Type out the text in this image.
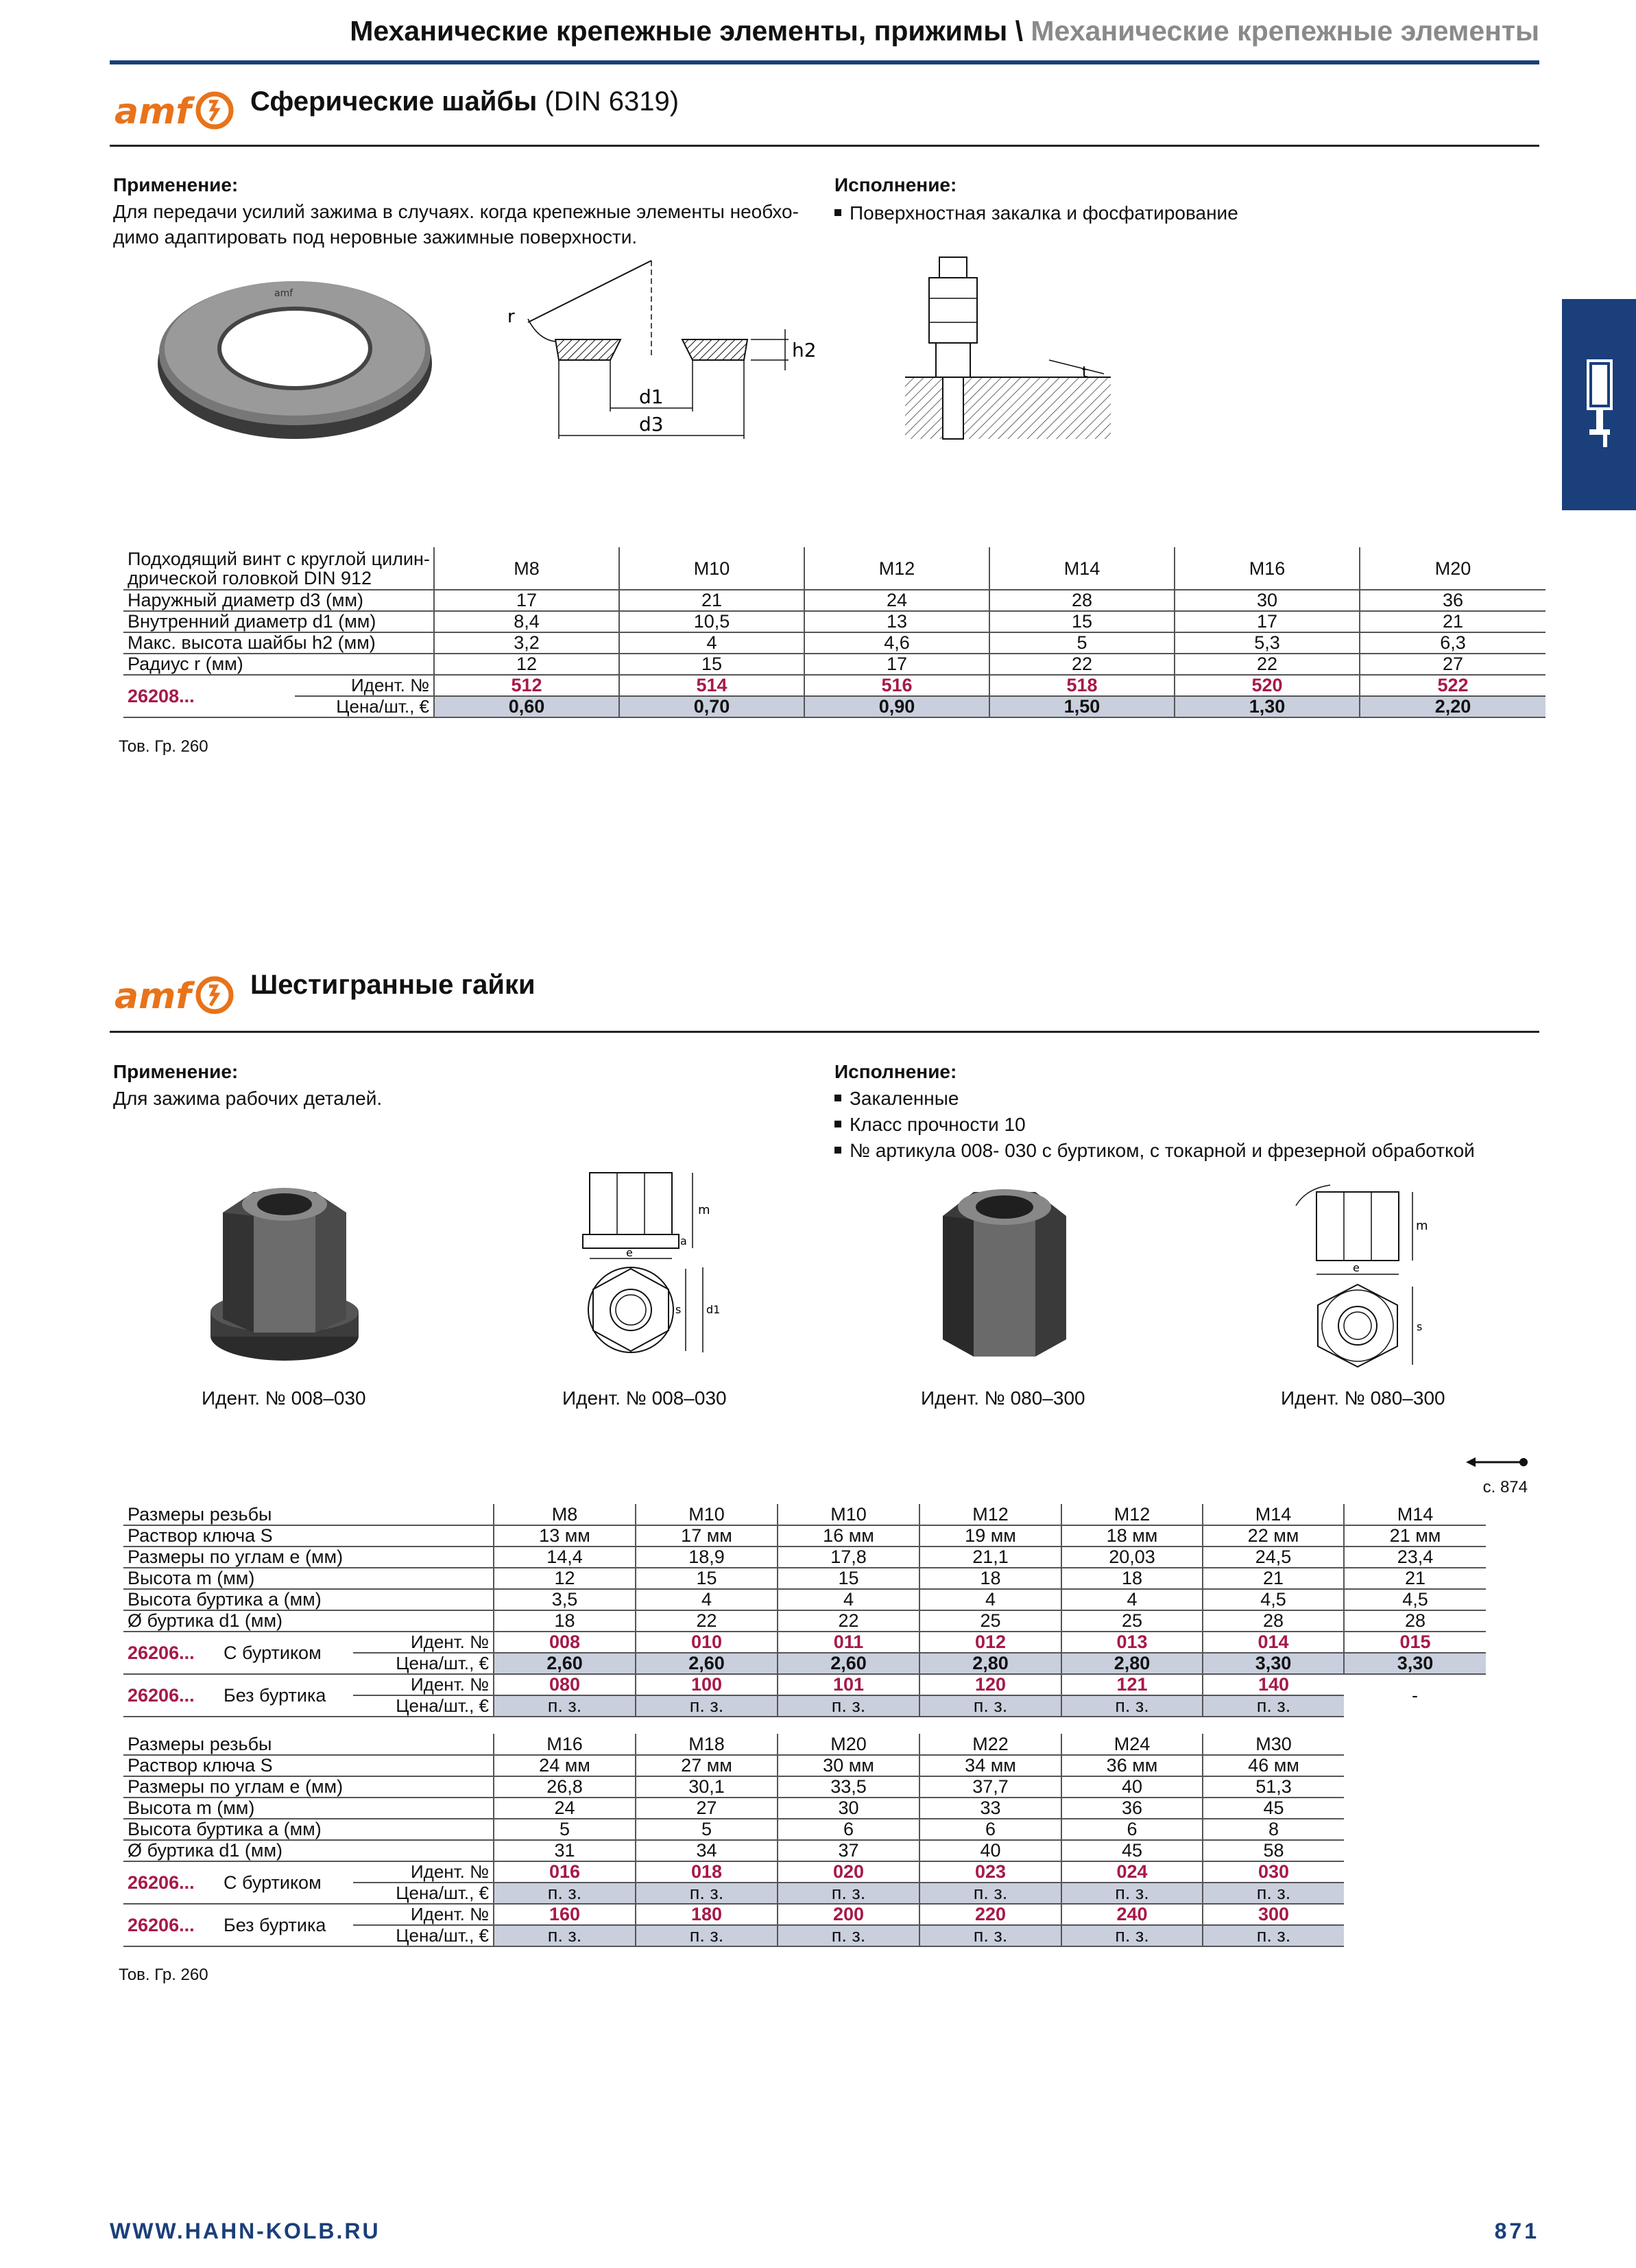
Механические крепежные элементы, прижимы \ Механические крепежные элементы
amf Сферические шайбы (DIN 6319)
Применение:
Для передачи усилий зажима в случаях. когда крепежные элементы необхо-
димо адаптировать под неровные зажимные поверхности.
Исполнение:
Поверхностная закалка и фосфатирование
amf
d1
d3
h2
r
t
Подходящий винт с круглой цилин-
дрической головкой DIN 912		M8	M10	M12	M14	M16	M20
Наружный диаметр d3 (мм)		17	21	24	28	30	36
Внутренний диаметр d1 (мм)		8,4	10,5	13	15	17	21
Макс. высота шайбы h2 (мм)		3,2	4	4,6	5	5,3	6,3
Радиус r (мм)		12	15	17	22	22	27
26208...	Идент. №	512	514	516	518	520	522
	Цена/шт., €	0,60	0,70	0,90	1,50	1,30	2,20
Тов. Гр. 260
amf Шестигранные гайки
Применение:
Для зажима рабочих деталей.
Исполнение:
Закаленные
Класс прочности 10
№ артикула 008- 030 с буртиком, с токарной и фрезерной обработкой
m
a
e
s d1
m
e
s
Идент. № 008–030	Идент. № 008–030	Идент. № 080–300	Идент. № 080–300
с. 874
Размеры резьбы			M8	M10	M10	M12	M12	M14	M14
Раствор ключа S			13 мм	17 мм	16 мм	19 мм	18 мм	22 мм	21 мм
Размеры по углам e (мм)			14,4	18,9	17,8	21,1	20,03	24,5	23,4
Высота m (мм)			12	15	15	18	18	21	21
Высота буртика a (мм)			3,5	4	4	4	4	4,5	4,5
Ø буртика d1 (мм)			18	22	22	25	25	28	28
26206...	С буртиком	Идент. №	008	010	011	012	013	014	015
		Цена/шт., €	2,60	2,60	2,60	2,80	2,80	3,30	3,30
26206...	Без буртика	Идент. №	080	100	101	120	121	140	-
		Цена/шт., €	п. з.	п. з.	п. з.	п. з.	п. з.	п. з.	
Размеры резьбы			M16	M18	M20	M22	M24	M30
Раствор ключа S			24 мм	27 мм	30 мм	34 мм	36 мм	46 мм
Размеры по углам e (мм)			26,8	30,1	33,5	37,7	40	51,3
Высота m (мм)			24	27	30	33	36	45
Высота буртика a (мм)			5	5	6	6	6	8
Ø буртика d1 (мм)			31	34	37	40	45	58
26206...	С буртиком	Идент. №	016	018	020	023	024	030
		Цена/шт., €	п. з.	п. з.	п. з.	п. з.	п. з.	п. з.
26206...	Без буртика	Идент. №	160	180	200	220	240	300
		Цена/шт., €	п. з.	п. з.	п. з.	п. з.	п. з.	п. з.
Тов. Гр. 260
WWW.HAHN-KOLB.RU	871
